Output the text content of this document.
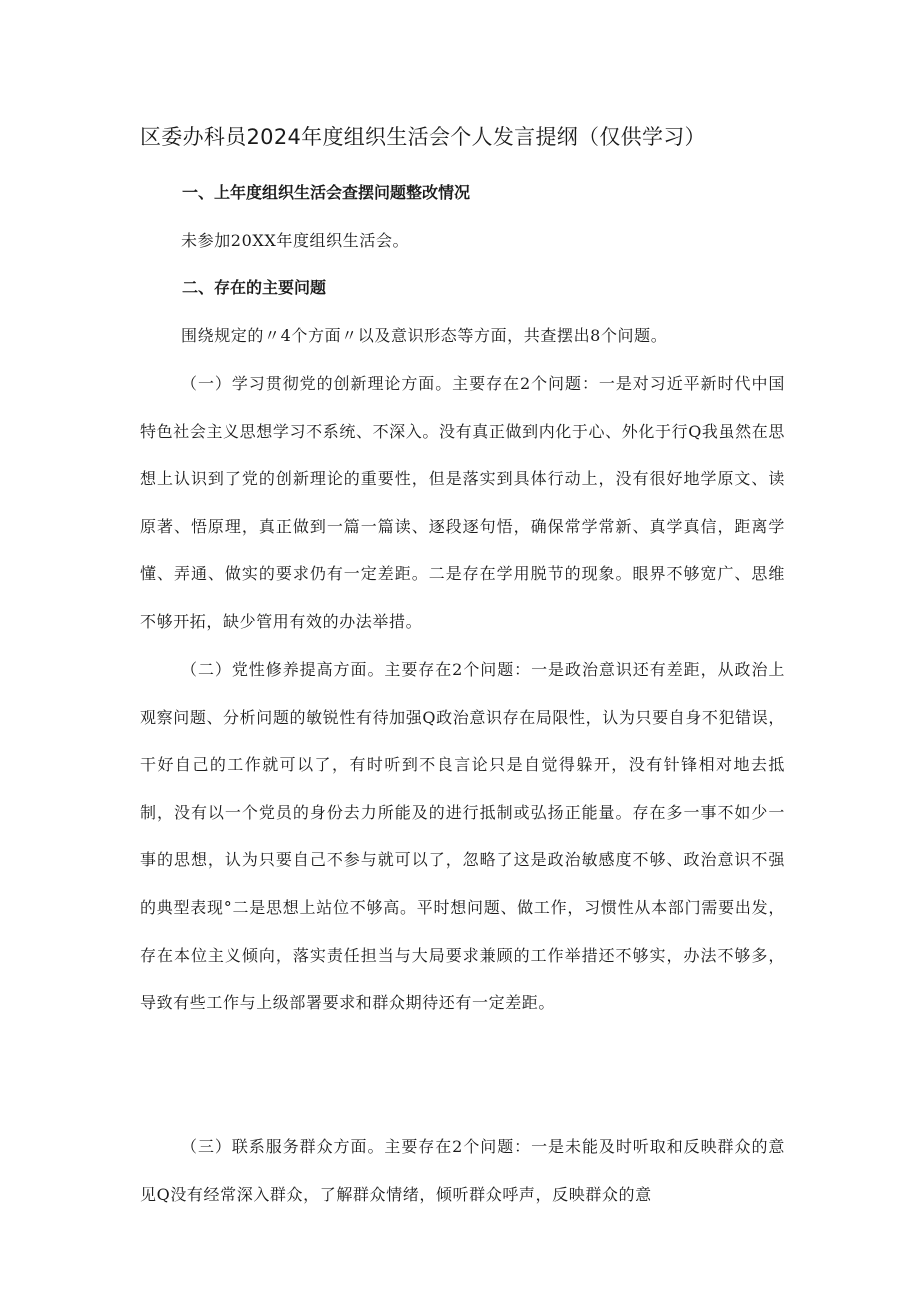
区委办科员2024年度组织生活会个人发言提纲（仅供学习）
一、上年度组织生活会查摆问题整改情况

未参加20XX年度组织生活会。

二、存在的主要问题

围绕规定的〃4个方面〃以及意识形态等方面，共查摆出8个问题。

（一）学习贯彻党的创新理论方面。主要存在2个问题：一是对习近平新时代中国特色社会主义思想学习不系统、不深入。没有真正做到内化于心、外化于行Q我虽然在思想上认识到了党的创新理论的重要性，但是落实到具体行动上，没有很好地学原文、读原著、悟原理，真正做到一篇一篇读、逐段逐句悟，确保常学常新、真学真信，距离学懂、弄通、做实的要求仍有一定差距。二是存在学用脱节的现象。眼界不够宽广、思维不够开拓，缺少管用有效的办法举措。

（二）党性修养提高方面。主要存在2个问题：一是政治意识还有差距，从政治上观察问题、分析问题的敏锐性有待加强Q政治意识存在局限性，认为只要自身不犯错误，干好自己的工作就可以了，有时听到不良言论只是自觉得躲开，没有针锋相对地去抵制，没有以一个党员的身份去力所能及的进行抵制或弘扬正能量。存在多一事不如少一事的思想，认为只要自己不参与就可以了，忽略了这是政治敏感度不够、政治意识不强的典型表现°二是思想上站位不够高。平时想问题、做工作，习惯性从本部门需要出发，存在本位主义倾向，落实责任担当与大局要求兼顾的工作举措还不够实，办法不够多，导致有些工作与上级部署要求和群众期待还有一定差距。

（三）联系服务群众方面。主要存在2个问题：一是未能及时听取和反映群众的意见Q没有经常深入群众，了解群众情绪，倾听群众呼声，反映群众的意
